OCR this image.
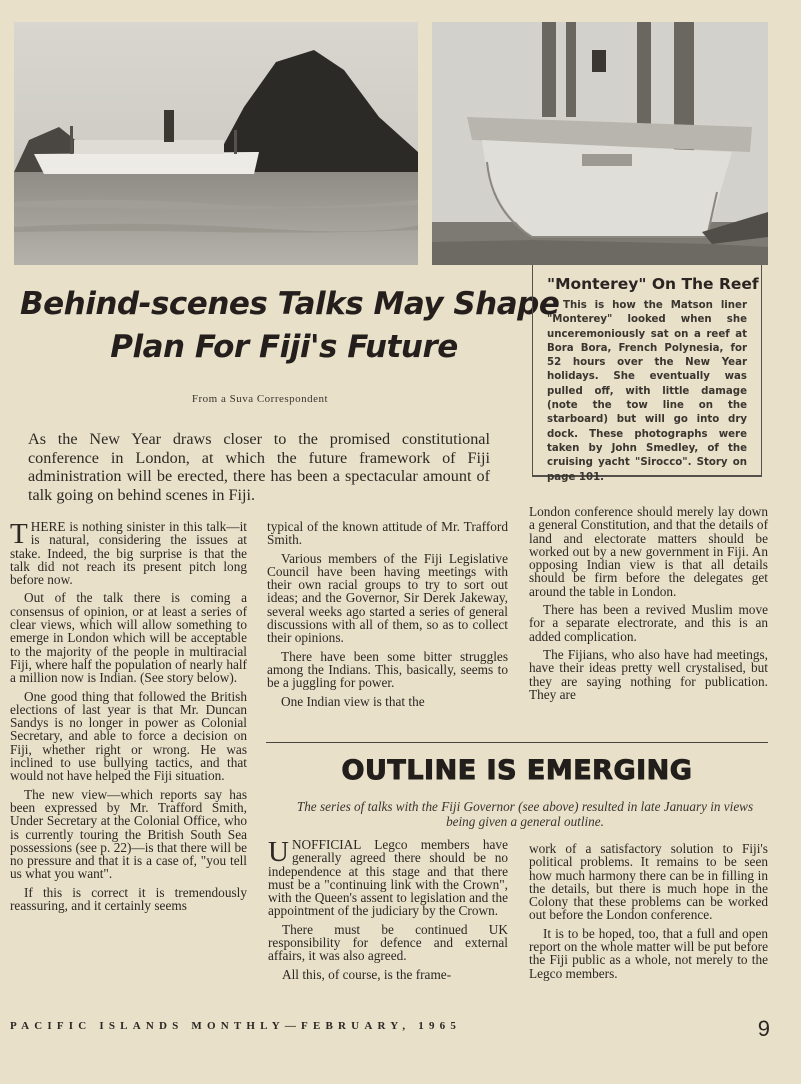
Behind-scenes Talks May Shape
Plan For Fiji's Future
From a Suva Correspondent
As the New Year draws closer to the promised constitutional conference in London, at which the future framework of Fiji administration will be erected, there has been a spectacular amount of talk going on behind scenes in Fiji.
"Monterey" On The Reef
This is how the Matson liner "Monterey" looked when she unceremoniously sat on a reef at Bora Bora, French Polynesia, for 52 hours over the New Year holidays. She eventually was pulled off, with little damage (note the tow line on the starboard) but will go into dry dock. These photographs were taken by John Smedley, of the cruising yacht "Sirocco". Story on page 101.

THERE is nothing sinister in this talk—it is natural, considering the issues at stake. Indeed, the big surprise is that the talk did not reach its present pitch long before now.

Out of the talk there is coming a consensus of opinion, or at least a series of clear views, which will allow something to emerge in London which will be acceptable to the majority of the people in multiracial Fiji, where half the population of nearly half a million now is Indian. (See story below).

One good thing that followed the British elections of last year is that Mr. Duncan Sandys is no longer in power as Colonial Secretary, and able to force a decision on Fiji, whether right or wrong. He was inclined to use bullying tactics, and that would not have helped the Fiji situation.

The new view—which reports say has been expressed by Mr. Trafford Smith, Under Secretary at the Colonial Office, who is currently touring the British South Sea possessions (see p. 22)—is that there will be no pressure and that it is a case of, "you tell us what you want".

If this is correct it is tremendously reassuring, and it certainly seems

typical of the known attitude of Mr. Trafford Smith.

Various members of the Fiji Legislative Council have been having meetings with their own racial groups to try to sort out ideas; and the Governor, Sir Derek Jakeway, several weeks ago started a series of general discussions with all of them, so as to collect their opinions.

There have been some bitter struggles among the Indians. This, basically, seems to be a juggling for power.

One Indian view is that the

London conference should merely lay down a general Constitution, and that the details of land and electorate matters should be worked out by a new government in Fiji. An opposing Indian view is that all details should be firm before the delegates get around the table in London.

There has been a revived Muslim move for a separate electrorate, and this is an added complication.

The Fijians, who also have had meetings, have their ideas pretty well crystalised, but they are saying nothing for publication. They are

OUTLINE IS EMERGING
The series of talks with the Fiji Governor (see above) resulted in late January in views being given a general outline.

UNOFFICIAL Legco members have generally agreed there should be no independence at this stage and that there must be a "continuing link with the Crown", with the Queen's assent to legislation and the appointment of the judiciary by the Crown.

There must be continued UK responsibility for defence and external affairs, it was also agreed.

All this, of course, is the frame-

work of a satisfactory solution to Fiji's political problems. It remains to be seen how much harmony there can be in filling in the details, but there is much hope in the Colony that these problems can be worked out before the London conference.

It is to be hoped, too, that a full and open report on the whole matter will be put before the Fiji public as a whole, not merely to the Legco members.

PACIFIC ISLANDS MONTHLY—FEBRUARY, 1965	9
